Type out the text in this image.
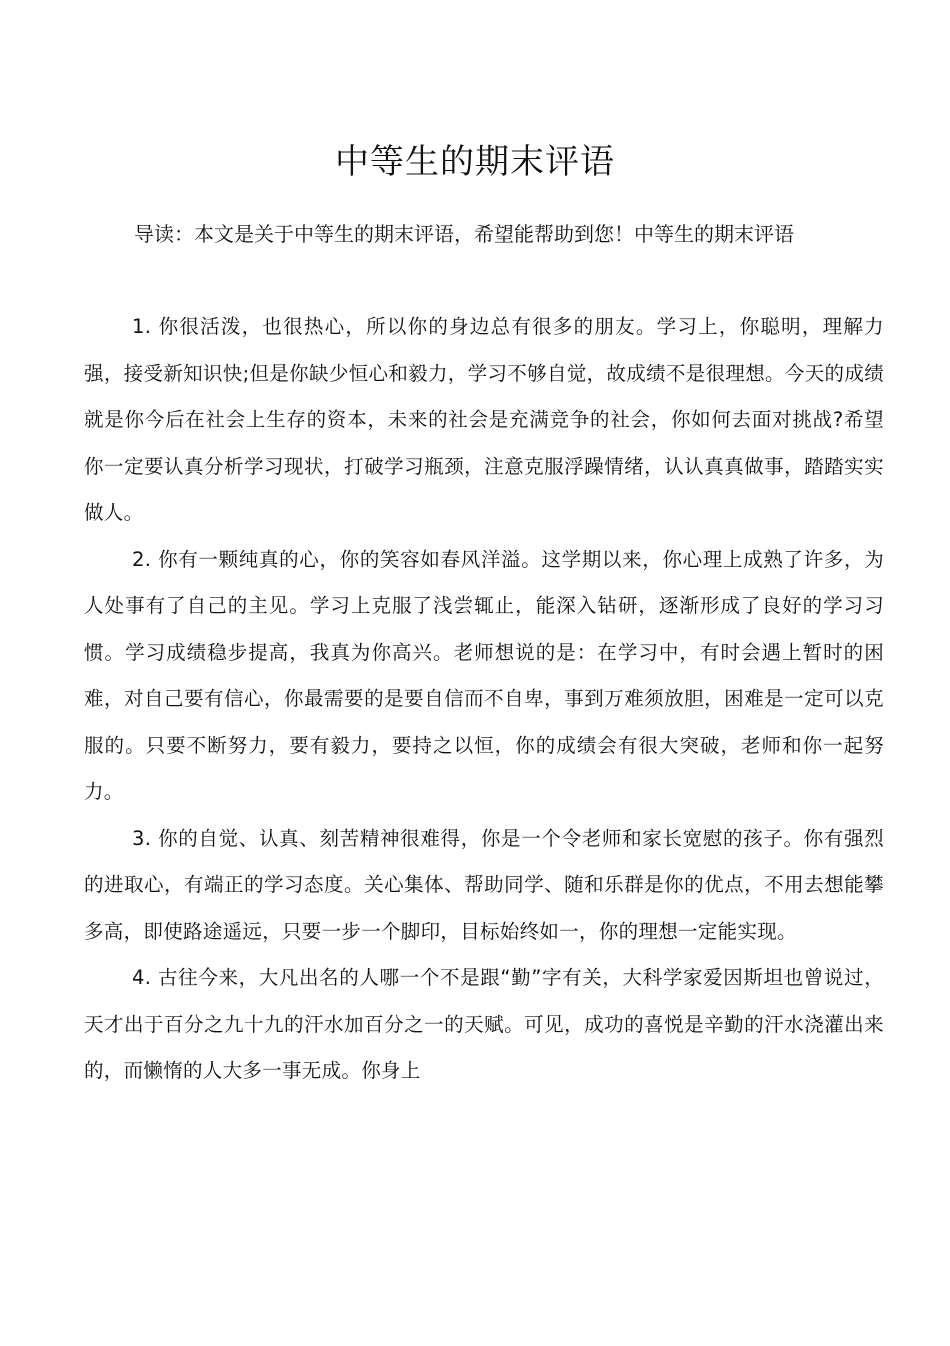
中等生的期末评语

导读：本文是关于中等生的期末评语，希望能帮助到您！中等生的期末评语

1. 你很活泼，也很热心，所以你的身边总有很多的朋友。学习上，你聪明，理解力强，接受新知识快;但是你缺少恒心和毅力，学习不够自觉，故成绩不是很理想。今天的成绩就是你今后在社会上生存的资本，未来的社会是充满竞争的社会，你如何去面对挑战?希望你一定要认真分析学习现状，打破学习瓶颈，注意克服浮躁情绪，认认真真做事，踏踏实实做人。

2. 你有一颗纯真的心，你的笑容如春风洋溢。这学期以来，你心理上成熟了许多，为人处事有了自己的主见。学习上克服了浅尝辄止，能深入钻研，逐渐形成了良好的学习习惯。学习成绩稳步提高，我真为你高兴。老师想说的是：在学习中，有时会遇上暂时的困难，对自己要有信心，你最需要的是要自信而不自卑，事到万难须放胆，困难是一定可以克服的。只要不断努力，要有毅力，要持之以恒，你的成绩会有很大突破，老师和你一起努力。

3. 你的自觉、认真、刻苦精神很难得，你是一个令老师和家长宽慰的孩子。你有强烈的进取心，有端正的学习态度。关心集体、帮助同学、随和乐群是你的优点，不用去想能攀多高，即使路途遥远，只要一步一个脚印，目标始终如一，你的理想一定能实现。

4. 古往今来，大凡出名的人哪一个不是跟“勤”字有关，大科学家爱因斯坦也曾说过，天才出于百分之九十九的汗水加百分之一的天赋。可见，成功的喜悦是辛勤的汗水浇灌出来的，而懒惰的人大多一事无成。你身上
